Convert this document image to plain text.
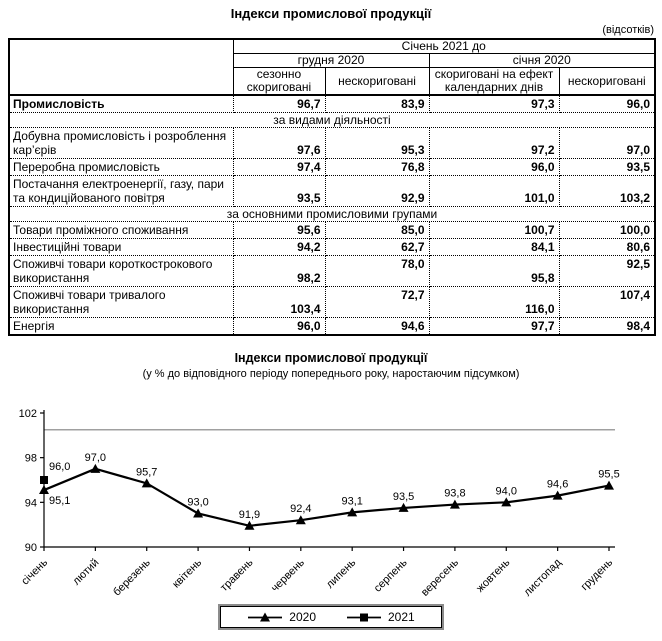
Індекси промислової продукції
(відсотків)
	Січень 2021 до			
	грудня 2020		січня 2020	
	сезонно скориговані	нескориговані	скориговані на ефект календарних днів	нескориговані
Промисловість	96,7	83,9	97,3	96,0
за видами діяльності				
Добувна промисловість і розроблення кар’єрів	97,6	95,3	97,2	97,0
Переробна промисловість	97,4	76,8	96,0	93,5
Постачання електроенергії, газу, пари та кондиційованого повітря	93,5	92,9	101,0	103,2
за основними промисловими групами				
Товари проміжного споживання	95,6	85,0	100,7	100,0
Інвестиційні товари	94,2	62,7	84,1	80,6
Споживчі товари короткострокового використання	98,2	78,0	95,8	92,5
Споживчі товари тривалого використання	103,4	72,7	116,0	107,4
Енергія	96,0	94,6	97,7	98,4
Індекси промислової продукції
(у % до відповідного періоду попереднього року, наростаючим підсумком)
90
94
98
102
січень лютий березень квітень травень червень липень серпень вересень жовтень листопад грудень
95,1
97,0
95,7
93,0
91,9	92,4
93,1	93,5	93,8	94,0
94,6
95,5
96,0
2020	2021
